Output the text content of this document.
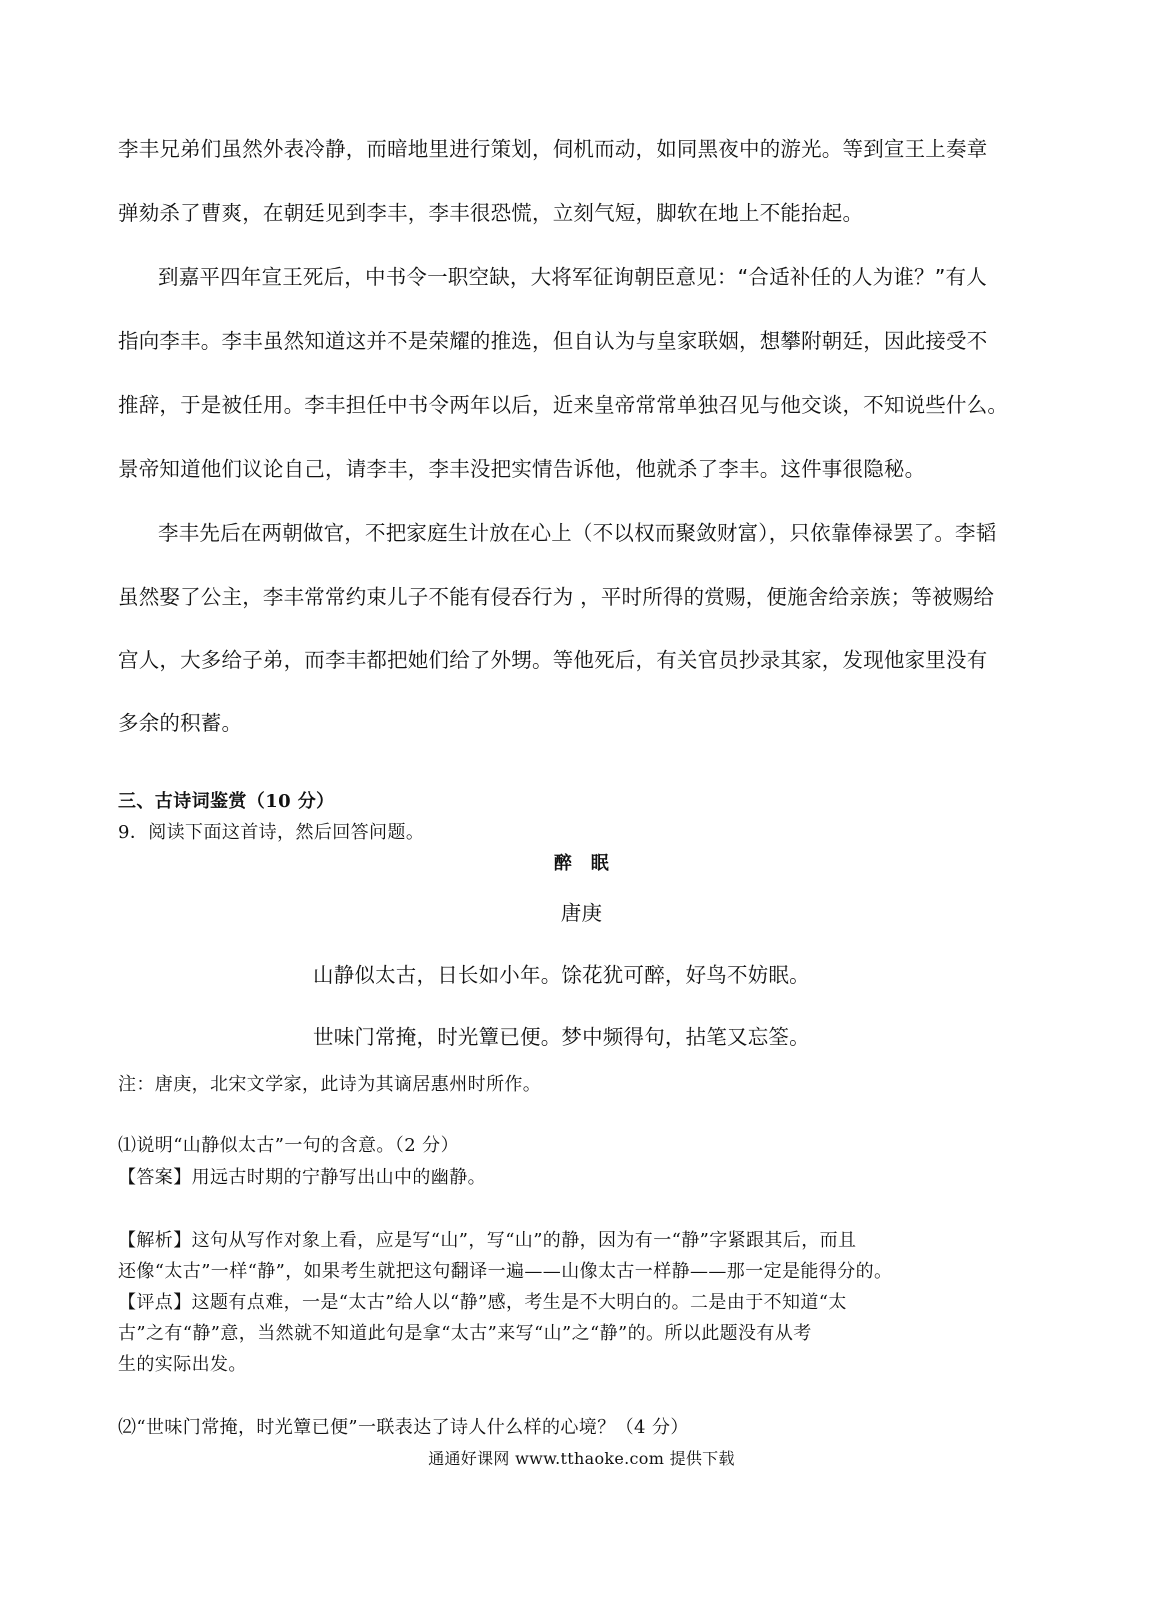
李丰兄弟们虽然外表冷静，而暗地里进行策划，伺机而动，如同黑夜中的游光。等到宣王上奏章
弹劾杀了曹爽，在朝廷见到李丰，李丰很恐慌，立刻气短，脚软在地上不能抬起。
到嘉平四年宣王死后，中书令一职空缺，大将军征询朝臣意见：“合适补任的人为谁？”有人
指向李丰。李丰虽然知道这并不是荣耀的推选，但自认为与皇家联姻，想攀附朝廷，因此接受不
推辞，于是被任用。李丰担任中书令两年以后，近来皇帝常常单独召见与他交谈，不知说些什么。
景帝知道他们议论自己，请李丰，李丰没把实情告诉他，他就杀了李丰。这件事很隐秘。
李丰先后在两朝做官，不把家庭生计放在心上（不以权而聚敛财富），只依靠俸禄罢了。李韬
虽然娶了公主，李丰常常约束儿子不能有侵吞行为 ，平时所得的赏赐，便施舍给亲族；等被赐给
宫人，大多给子弟，而李丰都把她们给了外甥。等他死后，有关官员抄录其家，发现他家里没有
多余的积蓄。
三、古诗词鉴赏（10 分）
9．阅读下面这首诗，然后回答问题。
醉　眠
唐庚
山静似太古，日长如小年。馀花犹可醉，好鸟不妨眠。
世味门常掩，时光簟已便。梦中频得句，拈笔又忘筌。
注：唐庚，北宋文学家，此诗为其谪居惠州时所作。
⑴说明“山静似太古”一句的含意。（2 分）
【答案】用远古时期的宁静写出山中的幽静。
【解析】这句从写作对象上看，应是写“山”，写“山”的静，因为有一“静”字紧跟其后，而且
还像“太古”一样“静”，如果考生就把这句翻译一遍——山像太古一样静——那一定是能得分的。
【评点】这题有点难，一是“太古”给人以“静”感，考生是不大明白的。二是由于不知道“太
古”之有“静”意，当然就不知道此句是拿“太古”来写“山”之“静”的。所以此题没有从考
生的实际出发。
⑵“世味门常掩，时光簟已便”一联表达了诗人什么样的心境？（4 分）
通通好课网 www.tthaoke.com 提供下载
